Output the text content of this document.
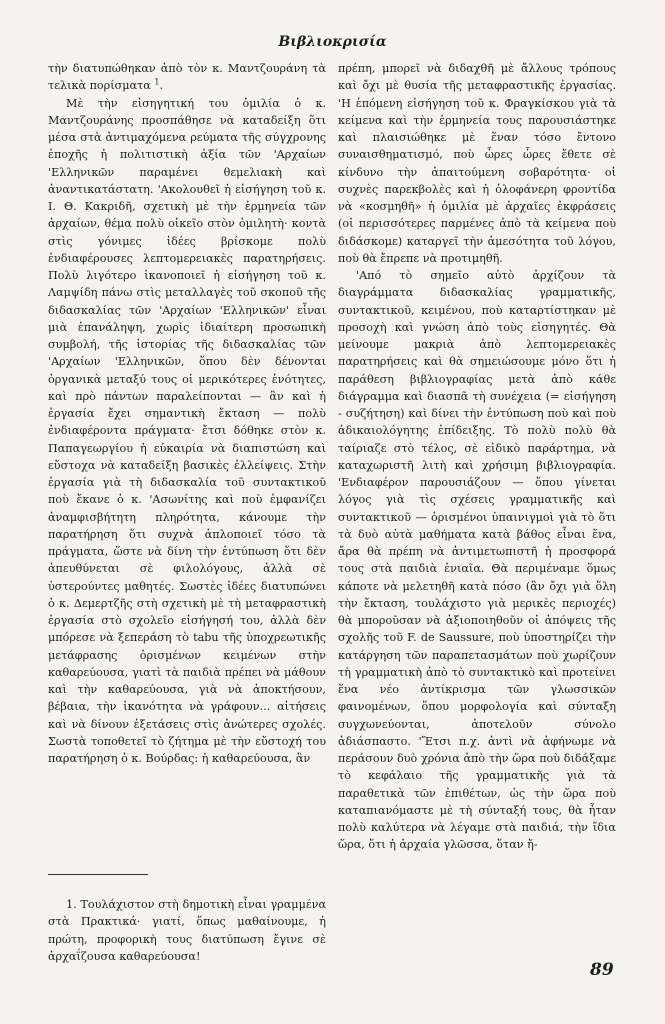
Βιβλιοκρισία

τὴν διατυπώθηκαν ἀπὸ τὸν κ. Μαντζουράνη τὰ τελικὰ πορίσματα $^1$.

Μὲ τὴν εἰσηγητική του ὁμιλία ὁ κ. Μαντζουράνης προσπάθησε νὰ καταδείξη ὅτι μέσα στὰ ἀντιμαχόμενα ρεύματα τῆς σύγχρονης ἐποχῆς ἡ πολιτιστικὴ ἀξία τῶν 'Αρχαίων 'Ελληνικῶν παραμένει θεμελιακὴ καὶ ἀναντικατάστατη. 'Ακολουθεῖ ἡ εἰσήγηση τοῦ κ. Ι. Θ. Κακριδῆ, σχετικὴ μὲ τὴν ἑρμηνεία τῶν ἀρχαίων, θέμα πολὺ οἰκεῖο στὸν ὁμιλητὴ· κοντὰ στὶς γόνιμες ἰδέες βρίσκομε πολὺ ἐνδιαφέρουσες λεπτομερειακὲς παρατηρήσεις. Πολὺ λιγότερο ἱκανοποιεῖ ἡ εἰσήγηση τοῦ κ. Λαμψίδη πάνω στὶς μεταλλαγὲς τοῦ σκοποῦ τῆς διδασκαλίας τῶν 'Αρχαίων 'Ελληνικῶν' εἶναι μιὰ ἐπανάληψη, χωρὶς ἰδιαίτερη προσωπικὴ συμβολή, τῆς ἱστορίας τῆς διδασκαλίας τῶν 'Αρχαίων 'Ελληνικῶν, ὅπου δὲν δένονται ὀργανικὰ μεταξύ τους οἱ μερικότερες ἑνότητες, καὶ πρὸ πάντων παραλείπονται — ἂν καὶ ἡ ἐργασία ἔχει σημαντικὴ ἔκταση — πολὺ ἐνδιαφέροντα πράγματα· ἔτσι δόθηκε στὸν κ. Παπαγεωργίου ἡ εὐκαιρία νὰ διαπιστώση καὶ εὔστοχα νὰ καταδείξη βασικὲς ἐλλείψεις. Στὴν ἐργασία γιὰ τὴ διδασκαλία τοῦ συντακτικοῦ ποὺ ἔκανε ὁ κ. 'Ασωνίτης καὶ ποὺ ἐμφανίζει ἀναμφισβήτητη πληρότητα, κάνουμε τὴν παρατήρηση ὅτι συχνὰ ἁπλοποιεῖ τόσο τὰ πράγματα, ὥστε νὰ δίνη τὴν ἐντύπωση ὅτι δὲν ἀπευθύνεται σὲ φιλολόγους, ἀλλὰ σὲ ὑστερούντες μαθητές. Σωστὲς ἰδέες διατυπώνει ὁ κ. Δεμερτζῆς στὴ σχετικὴ μὲ τὴ μεταφραστικὴ ἐργασία στὸ σχολεῖο εἰσήγησή του, ἀλλὰ δὲν μπόρεσε νὰ ξεπεράση τὸ tabu τῆς ὑποχρεωτικῆς μετάφρασης ὁρισμένων κειμένων στὴν καθαρεύουσα, γιατὶ τὰ παιδιὰ πρέπει νὰ μάθουν καὶ τὴν καθαρεύουσα, γιὰ νὰ ἀποκτήσουν, βέβαια, τὴν ἱκανότητα νὰ γράφουν... αἰτήσεις καὶ νὰ δίνουν ἐξετάσεις στὶς ἀνώτερες σχολές. Σωστὰ τοποθετεῖ τὸ ζήτημα μὲ τὴν εὔστοχή του παρατήρηση ὁ κ. Βούρδας: ἡ καθαρεύουσα, ἂν

πρέπη, μπορεῖ νὰ διδαχθῆ μὲ ἄλλους τρόπους καὶ ὄχι μὲ θυσία τῆς μεταφραστικῆς ἐργασίας. 'Η ἑπόμενη εἰσήγηση τοῦ κ. Φραγκίσκου γιὰ τὰ κείμενα καὶ τὴν ἑρμηνεία τους παρουσιάστηκε καὶ πλαισιώθηκε μὲ ἕναν τόσο ἔντονο συναισθηματισμό, ποὺ ὧρες ὧρες ἔθετε σὲ κίνδυνο τὴν ἀπαιτούμενη σοβαρότητα· οἱ συχνὲς παρεκβολὲς καὶ ἡ ὁλοφάνερη φροντίδα νὰ «κοσμηθῆ» ἡ ὁμιλία μὲ ἀρχαῖες ἐκφράσεις (οἱ περισσότερες παρμένες ἀπὸ τὰ κείμενα ποὺ διδάσκομε) καταργεῖ τὴν ἀμεσότητα τοῦ λόγου, ποὺ θὰ ἔπρεπε νὰ προτιμηθῆ.

'Από τὸ σημεῖο αὐτὸ ἀρχίζουν τὰ διαγράμματα διδασκαλίας γραμματικῆς, συντακτικοῦ, κειμένου, ποὺ καταρτίστηκαν μὲ προσοχὴ καὶ γνώση ἀπὸ τοὺς εἰσηγητές. Θὰ μείνουμε μακριὰ ἀπὸ λεπτομερειακὲς παρατηρήσεις καὶ θὰ σημειώσουμε μόνο ὅτι ἡ παράθεση βιβλιογραφίας μετὰ ἀπὸ κάθε διάγραμμα καὶ διασπᾶ τὴ συνέχεια (= εἰσήγηση - συζήτηση) καὶ δίνει τὴν ἐντύπωση ποὺ καὶ ποὺ ἀδικαιολόγητης ἐπίδειξης. Τὸ πολὺ πολὺ θὰ ταίριαζε στὸ τέλος, σὲ εἰδικὸ παράρτημα, νὰ καταχωριστῆ λιτὴ καὶ χρήσιμη βιβλιογραφία. 'Ενδιαφέρον παρουσιάζουν — ὅπου γίνεται λόγος γιὰ τὶς σχέσεις γραμματικῆς καὶ συντακτικοῦ — ὁρισμένοι ὑπαινιγμοὶ γιὰ τὸ ὅτι τὰ δυὸ αὐτὰ μαθήματα κατὰ βάθος εἶναι ἕνα, ἄρα θὰ πρέπη νὰ ἀντιμετωπιστῆ ἡ προσφορά τους στὰ παιδιὰ ἑνιαῖα. Θὰ περιμέναμε ὅμως κάποτε νὰ μελετηθῆ κατὰ πόσο (ἂν ὄχι γιὰ ὅλη τὴν ἔκταση, τουλάχιστο γιὰ μερικὲς περιοχές) θὰ μποροῦσαν νὰ ἀξιοποιηθοῦν οἱ ἀπόψεις τῆς σχολῆς τοῦ F. de Saussure, ποὺ ὑποστηρίζει τὴν κατάργηση τῶν παραπετασμάτων ποὺ χωρίζουν τὴ γραμματικὴ ἀπὸ τὸ συντακτικὸ καὶ προτείνει ἕνα νέο ἀντίκρισμα τῶν γλωσσικῶν φαινομένων, ὅπου μορφολογία καὶ σύνταξη συγχωνεύονται, ἀποτελοῦν σύνολο ἀδιάσπαστο. 'Ἔτσι π.χ. ἀντὶ νὰ ἀφήνωμε νὰ περάσουν δυὸ χρόνια ἀπὸ τὴν ὥρα ποὺ διδάξαμε τὸ κεφάλαιο τῆς γραμματικῆς γιὰ τὰ παραθετικὰ τῶν ἐπιθέτων, ὡς τὴν ὥρα ποὺ καταπιανόμαστε μὲ τὴ σύνταξή τους, θὰ ἦταν πολὺ καλύτερα νὰ λέγαμε στὰ παιδιά, τὴν ἴδια ὥρα, ὅτι ἡ ἀρχαία γλῶσσα, ὅταν ἤ-

1. Τουλάχιστον στὴ δημοτικὴ εἶναι γραμμένα στὰ Πρακτικά· γιατί, ὅπως μαθαίνουμε, ἡ πρώτη, προφορικὴ τους διατύπωση ἔγινε σὲ ἀρχαΐζουσα καθαρεύουσα!

89
